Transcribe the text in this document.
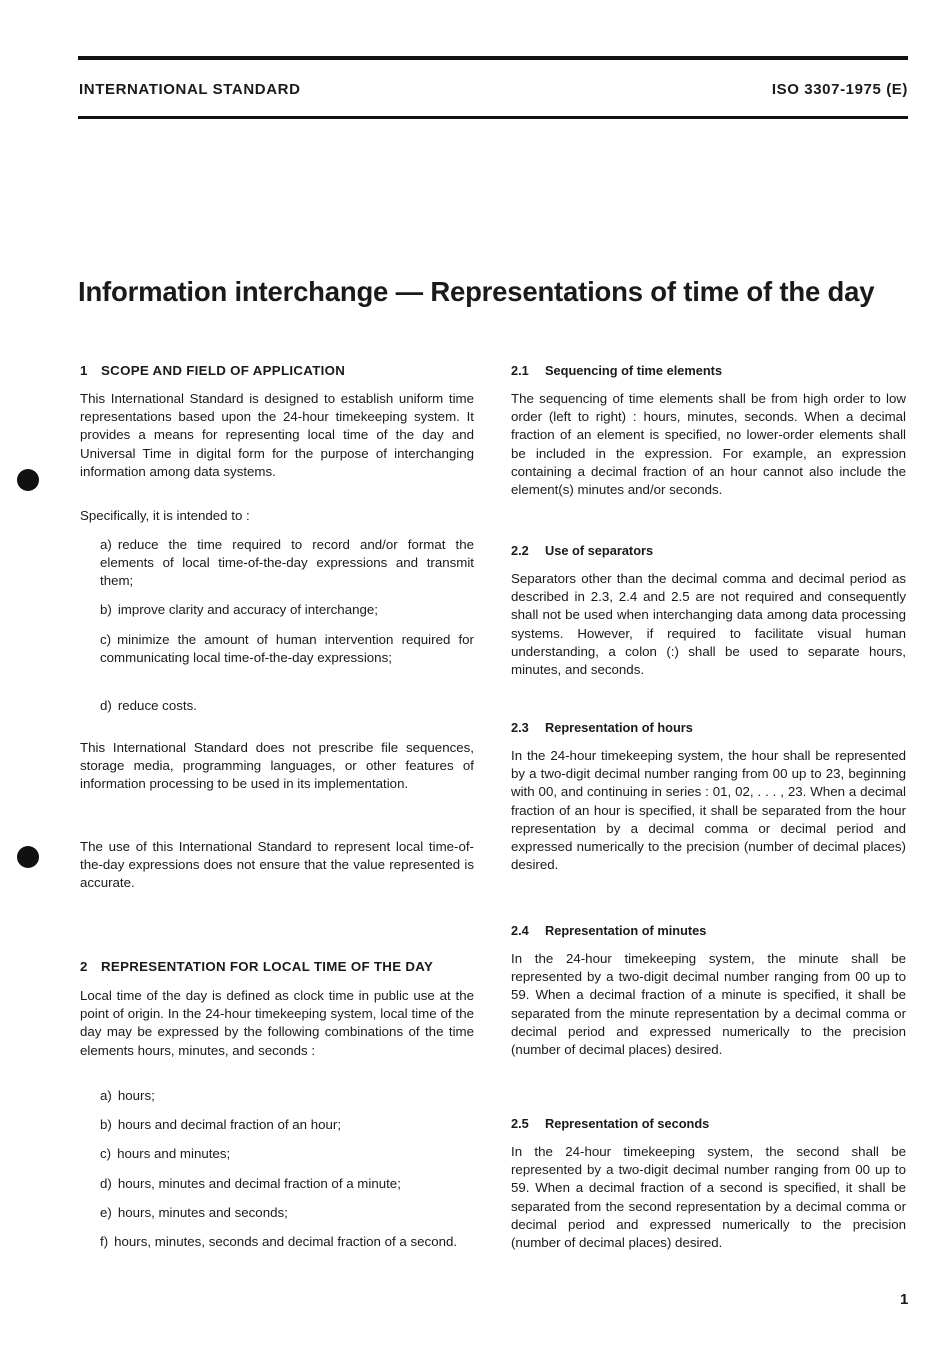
INTERNATIONAL STANDARD	ISO 3307-1975 (E)
Information interchange — Representations of time of the day
1 SCOPE AND FIELD OF APPLICATION
This International Standard is designed to establish uniform time representations based upon the 24-hour timekeeping system. It provides a means for representing local time of the day and Universal Time in digital form for the purpose of interchanging information among data systems.
Specifically, it is intended to :
a) reduce the time required to record and/or format the elements of local time-of-the-day expressions and transmit them;
b) improve clarity and accuracy of interchange;
c) minimize the amount of human intervention required for communicating local time-of-the-day expressions;
d) reduce costs.
This International Standard does not prescribe file sequences, storage media, programming languages, or other features of information processing to be used in its implementation.
The use of this International Standard to represent local time-of-the-day expressions does not ensure that the value represented is accurate.
2 REPRESENTATION FOR LOCAL TIME OF THE DAY
Local time of the day is defined as clock time in public use at the point of origin. In the 24-hour timekeeping system, local time of the day may be expressed by the following combinations of the time elements hours, minutes, and seconds :
a) hours;
b) hours and decimal fraction of an hour;
c) hours and minutes;
d) hours, minutes and decimal fraction of a minute;
e) hours, minutes and seconds;
f) hours, minutes, seconds and decimal fraction of a second.
2.1 Sequencing of time elements
The sequencing of time elements shall be from high order to low order (left to right) : hours, minutes, seconds. When a decimal fraction of an element is specified, no lower-order elements shall be included in the expression. For example, an expression containing a decimal fraction of an hour cannot also include the element(s) minutes and/or seconds.
2.2 Use of separators
Separators other than the decimal comma and decimal period as described in 2.3, 2.4 and 2.5 are not required and consequently shall not be used when interchanging data among data processing systems. However, if required to facilitate visual human understanding, a colon (:) shall be used to separate hours, minutes, and seconds.
2.3 Representation of hours
In the 24-hour timekeeping system, the hour shall be represented by a two-digit decimal number ranging from 00 up to 23, beginning with 00, and continuing in series : 01, 02, . . . , 23. When a decimal fraction of an hour is specified, it shall be separated from the hour representation by a decimal comma or decimal period and expressed numerically to the precision (number of decimal places) desired.
2.4 Representation of minutes
In the 24-hour timekeeping system, the minute shall be represented by a two-digit decimal number ranging from 00 up to 59. When a decimal fraction of a minute is specified, it shall be separated from the minute representation by a decimal comma or decimal period and expressed numerically to the precision (number of decimal places) desired.
2.5 Representation of seconds
In the 24-hour timekeeping system, the second shall be represented by a two-digit decimal number ranging from 00 up to 59. When a decimal fraction of a second is specified, it shall be separated from the second representation by a decimal comma or decimal period and expressed numerically to the precision (number of decimal places) desired.
1
